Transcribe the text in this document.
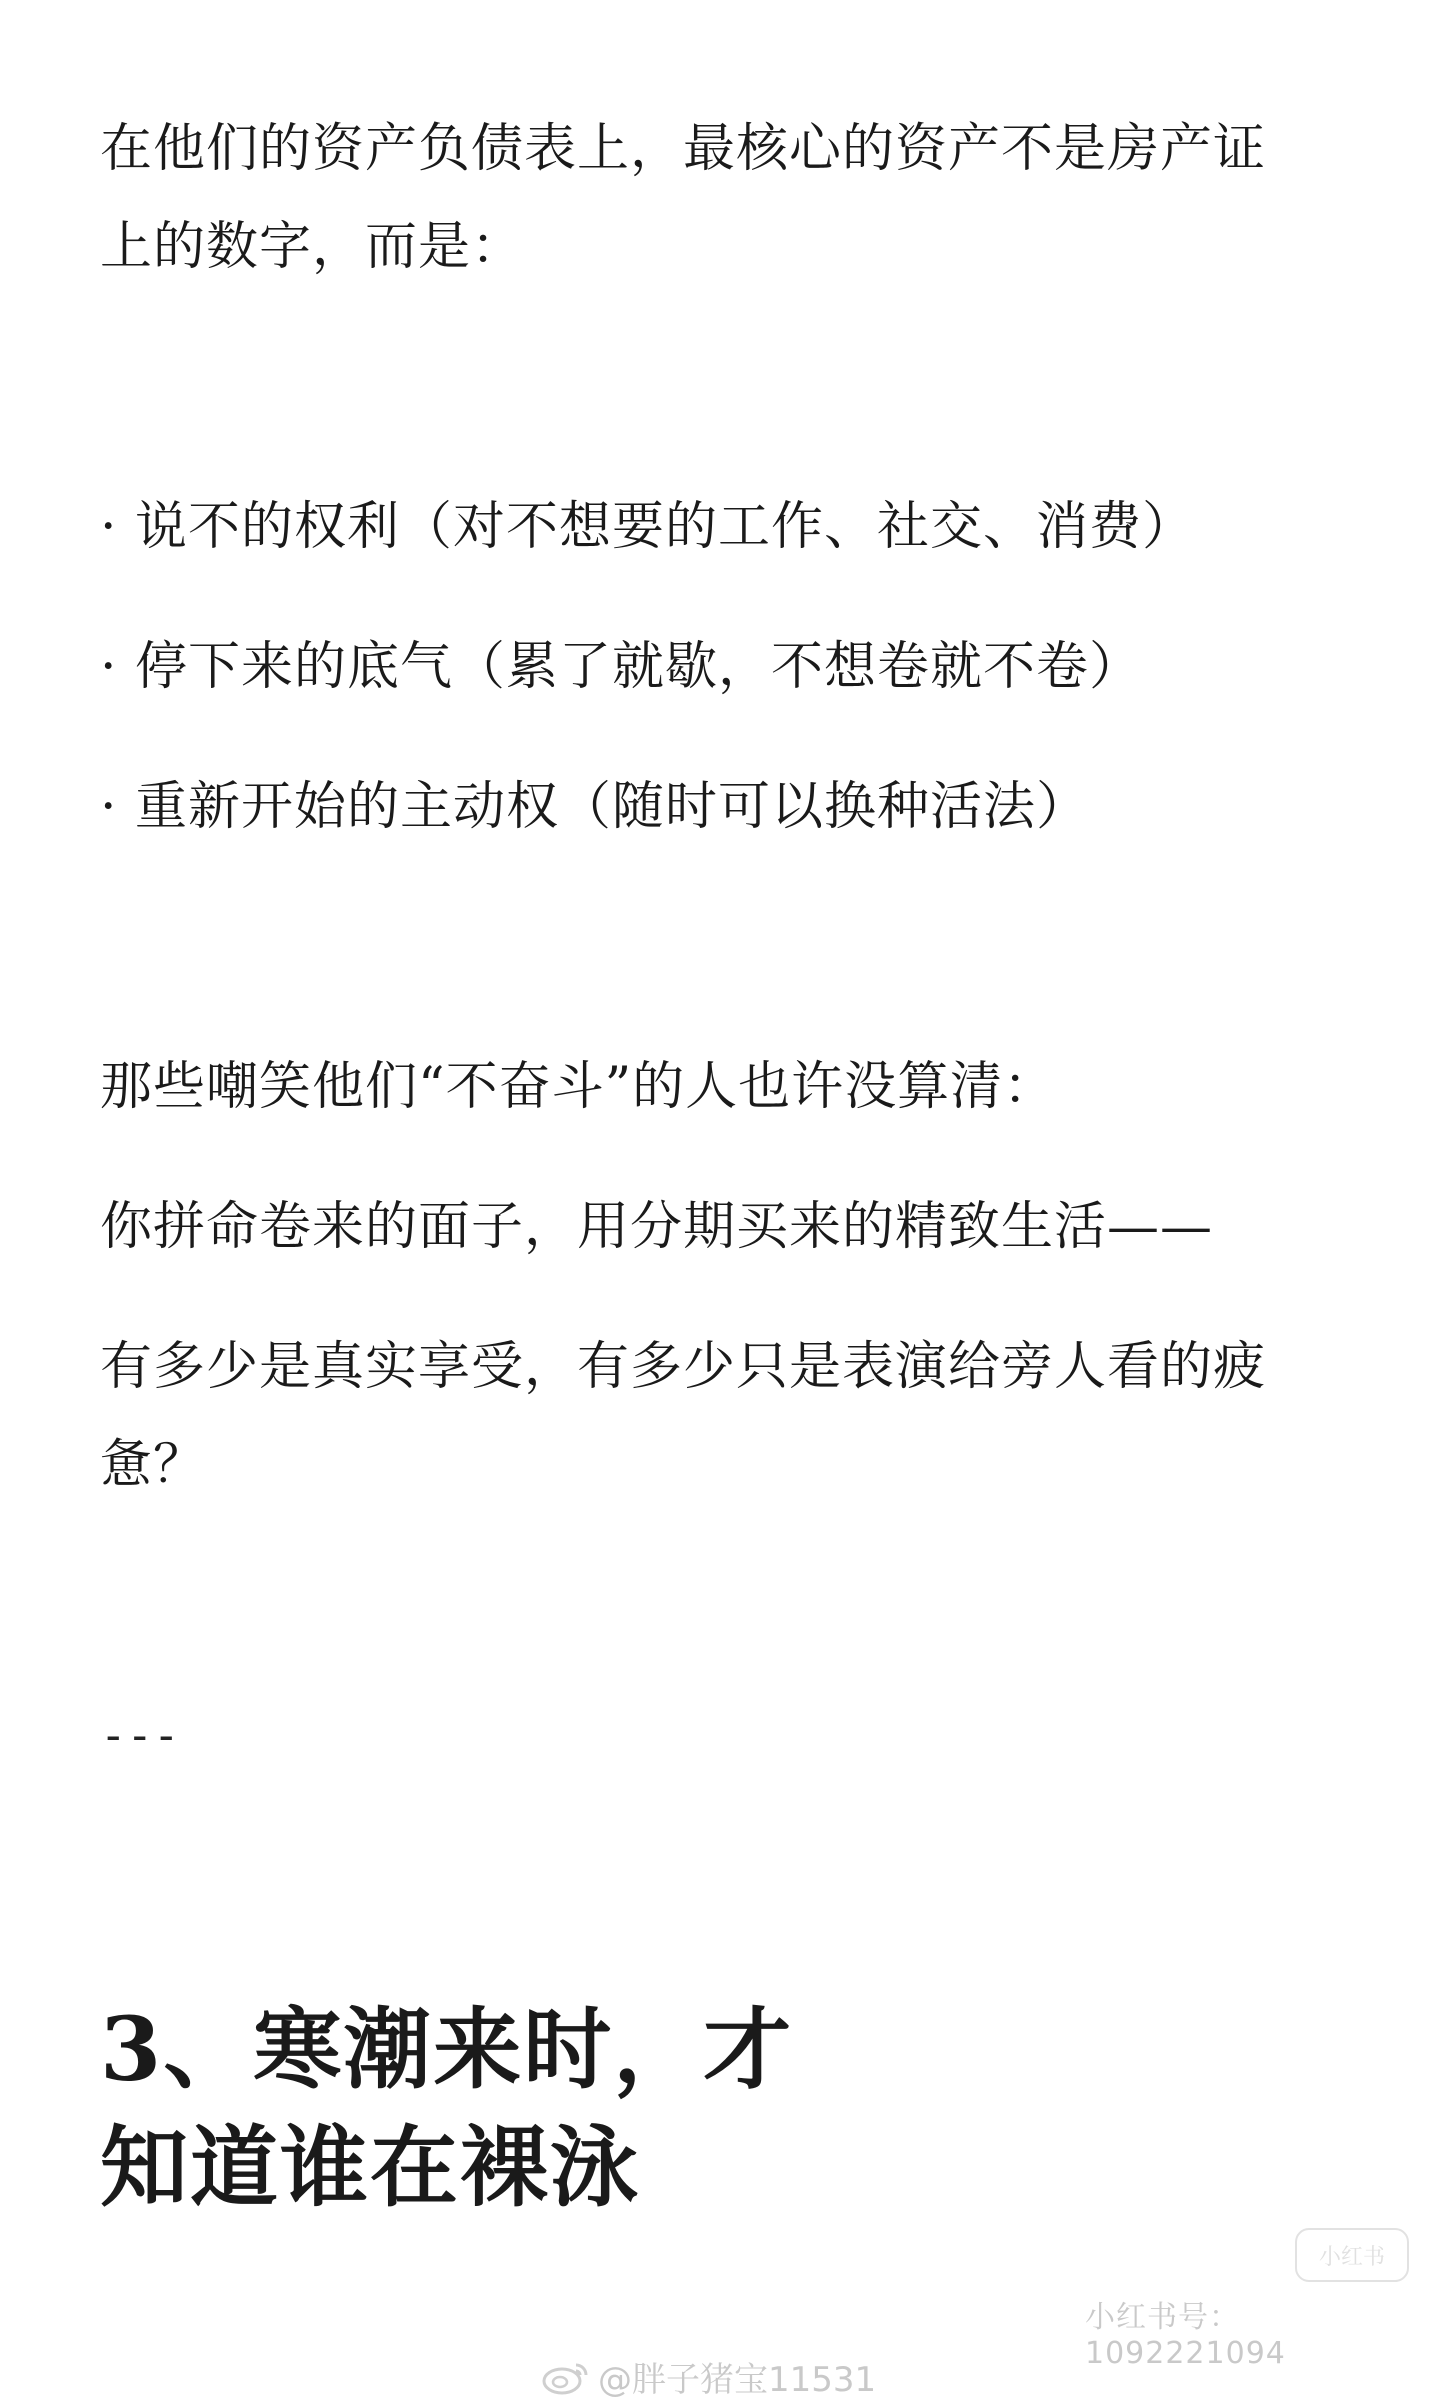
在他们的资产负债表上，最核心的资产不是房产证

上的数字，而是：

· 说不的权利（对不想要的工作、社交、消费）

· 停下来的底气（累了就歇，不想卷就不卷）

· 重新开始的主动权（随时可以换种活法）

那些嘲笑他们“不奋斗”的人也许没算清：

你拼命卷来的面子，用分期买来的精致生活——

有多少是真实享受，有多少只是表演给旁人看的疲

惫？

---

3、寒潮来时，才
知道谁在裸泳
小红书
小红书号：1092221094
@胖子猪宝11531
